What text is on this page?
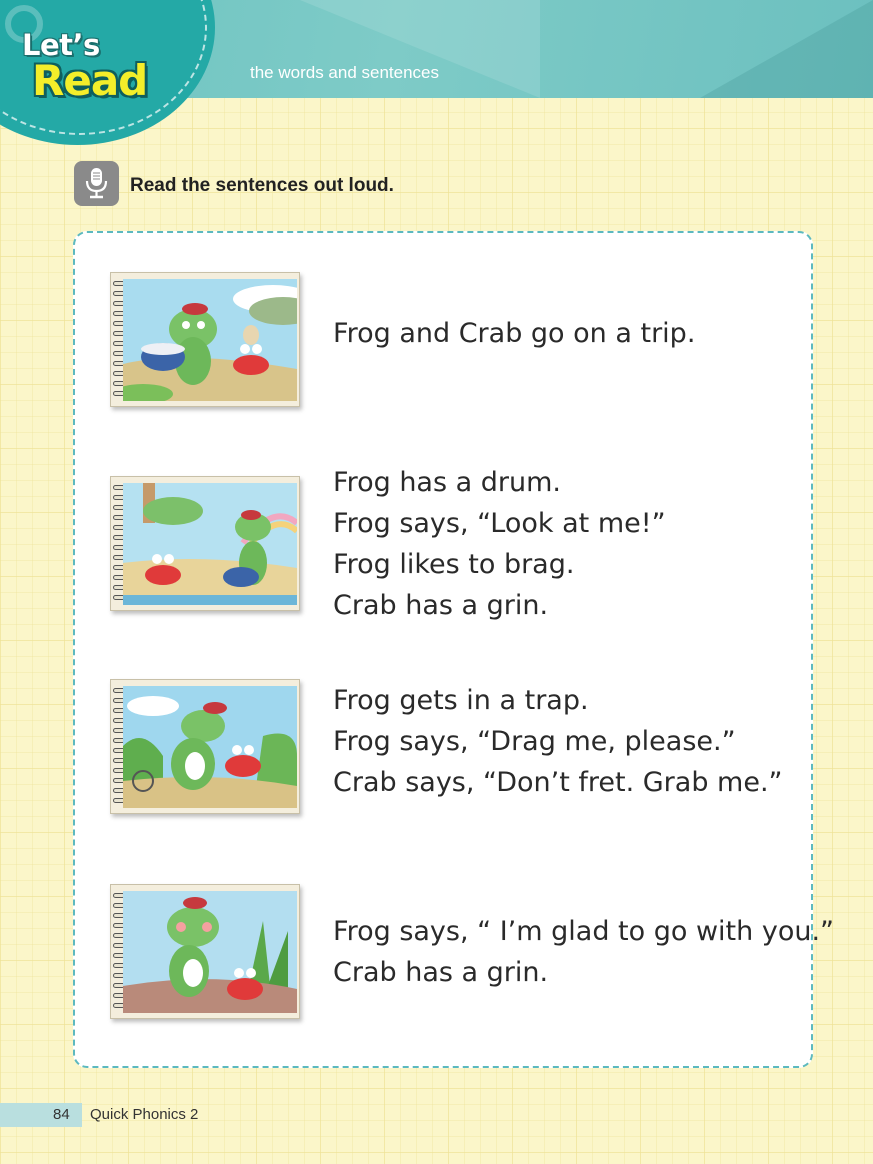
the words and sentences
Let’s
Read
Read the sentences out loud.
Frog and Crab go on a trip.
Frog has a drum.
Frog says, “Look at me!”
Frog likes to brag.
Crab has a grin.
Frog gets in a trap.
Frog says, “Drag me, please.”
Crab says, “Don’t fret. Grab me.”
Frog says, “ I’m glad to go with you.”
Crab has a grin.
84 Quick Phonics 2
